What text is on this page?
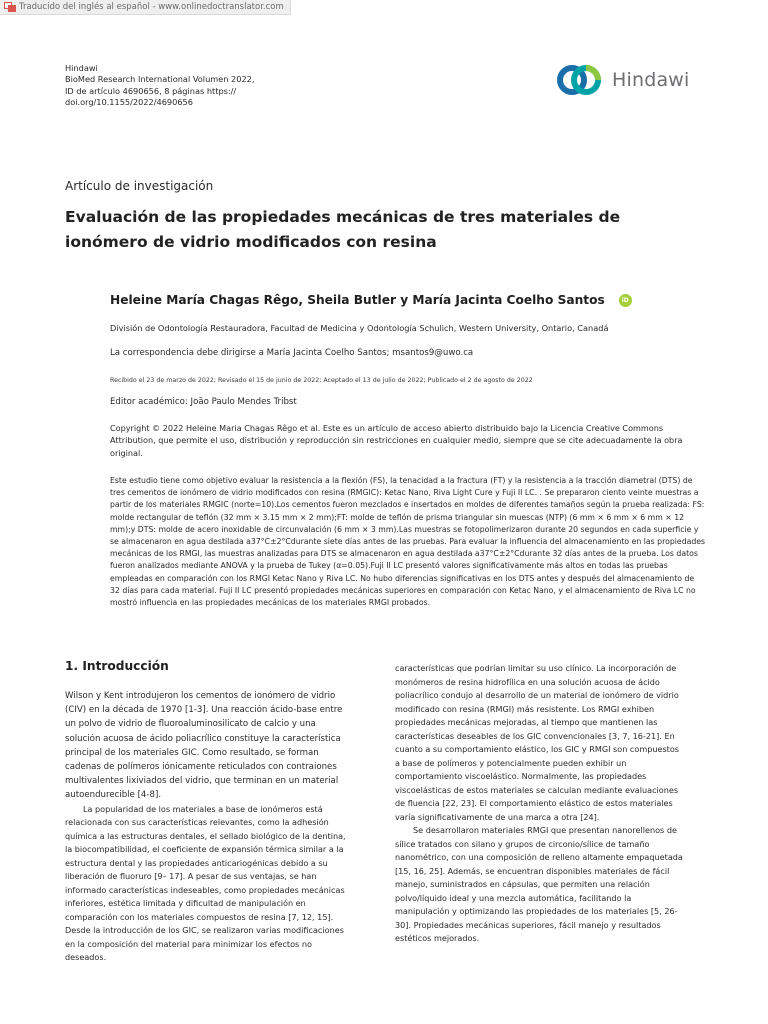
Traducido del inglés al español - www.onlinedoctranslator.com
Hindawi
BioMed Research International Volumen 2022,
ID de artículo 4690656, 8 páginas https://
doi.org/10.1155/2022/4690656
Hindawi
Artículo de investigación
Evaluación de las propiedades mecánicas de tres materiales de ionómero de vidrio modificados con resina
Heleine María Chagas Rêgo, Sheila Butler y María Jacinta Coelho Santos	iD
División de Odontología Restauradora, Facultad de Medicina y Odontología Schulich, Western University, Ontario, Canadá
La correspondencia debe dirigirse a María Jacinta Coelho Santos; msantos9@uwo.ca
Recibido el 23 de marzo de 2022; Revisado el 15 de junio de 2022; Aceptado el 13 de julio de 2022; Publicado el 2 de agosto de 2022
Editor académico: João Paulo Mendes Tribst
Copyright © 2022 Heleine Maria Chagas Rêgo et al. Este es un artículo de acceso abierto distribuido bajo la Licencia Creative Commons Attribution, que permite el uso, distribución y reproducción sin restricciones en cualquier medio, siempre que se cite adecuadamente la obra original.
Este estudio tiene como objetivo evaluar la resistencia a la flexión (FS), la tenacidad a la fractura (FT) y la resistencia a la tracción diametral (DTS) de tres cementos de ionómero de vidrio modificados con resina (RMGIC): Ketac Nano, Riva Light Cure y Fuji II LC. . Se prepararon ciento veinte muestras a partir de los materiales RMGIC (norte=10).Los cementos fueron mezclados e insertados en moldes de diferentes tamaños según la prueba realizada: FS: molde rectangular de teflón (32 mm × 3.15 mm × 2 mm);FT: molde de teflón de prisma triangular sin muescas (NTP) (6 mm × 6 mm × 6 mm × 12 mm);y DTS: molde de acero inoxidable de circunvalación (6 mm × 3 mm).Las muestras se fotopolimerizaron durante 20 segundos en cada superficie y se almacenaron en agua destilada a37°C±2°Cdurante siete días antes de las pruebas. Para evaluar la influencia del almacenamiento en las propiedades mecánicas de los RMGI, las muestras analizadas para DTS se almacenaron en agua destilada a37°C±2°Cdurante 32 días antes de la prueba. Los datos fueron analizados mediante ANOVA y la prueba de Tukey (α=0.05).Fuji II LC presentó valores significativamente más altos en todas las pruebas empleadas en comparación con los RMGI Ketac Nano y Riva LC. No hubo diferencias significativas en los DTS antes y después del almacenamiento de 32 días para cada material. Fuji II LC presentó propiedades mecánicas superiores en comparación con Ketac Nano, y el almacenamiento de Riva LC no mostró influencia en las propiedades mecánicas de los materiales RMGI probados.
1. Introducción

Wilson y Kent introdujeron los cementos de ionómero de vidrio (CIV) en la década de 1970 [1-3]. Una reacción ácido-base entre un polvo de vidrio de fluoroaluminosilicato de calcio y una solución acuosa de ácido poliacrílico constituye la característica principal de los materiales GIC. Como resultado, se forman cadenas de polímeros iónicamente reticulados con contraiones multivalentes lixiviados del vidrio, que terminan en un material autoendurecible [4-8].

La popularidad de los materiales a base de ionómeros está relacionada con sus características relevantes, como la adhesión química a las estructuras dentales, el sellado biológico de la dentina, la biocompatibilidad, el coeficiente de expansión térmica similar a la estructura dental y las propiedades anticariogénicas debido a su liberación de fluoruro [9– 17]. A pesar de sus ventajas, se han informado características indeseables, como propiedades mecánicas inferiores, estética limitada y dificultad de manipulación en comparación con los materiales compuestos de resina [7, 12, 15]. Desde la introducción de los GIC, se realizaron varias modificaciones en la composición del material para minimizar los efectos no deseados.

características que podrían limitar su uso clínico. La incorporación de monómeros de resina hidrofílica en una solución acuosa de ácido poliacrílico condujo al desarrollo de un material de ionómero de vidrio modificado con resina (RMGI) más resistente. Los RMGI exhiben propiedades mecánicas mejoradas, al tiempo que mantienen las características deseables de los GIC convencionales [3, 7, 16-21]. En cuanto a su comportamiento elástico, los GIC y RMGI son compuestos a base de polímeros y potencialmente pueden exhibir un comportamiento viscoelástico. Normalmente, las propiedades viscoelásticas de estos materiales se calculan mediante evaluaciones de fluencia [22, 23]. El comportamiento elástico de estos materiales varía significativamente de una marca a otra [24].

Se desarrollaron materiales RMGI que presentan nanorellenos de sílice tratados con silano y grupos de circonio/sílice de tamaño nanométrico, con una composición de relleno altamente empaquetada [15, 16, 25]. Además, se encuentran disponibles materiales de fácil manejo, suministrados en cápsulas, que permiten una relación polvo/líquido ideal y una mezcla automática, facilitando la manipulación y optimizando las propiedades de los materiales [5, 26-30]. Propiedades mecánicas superiores, fácil manejo y resultados estéticos mejorados.
